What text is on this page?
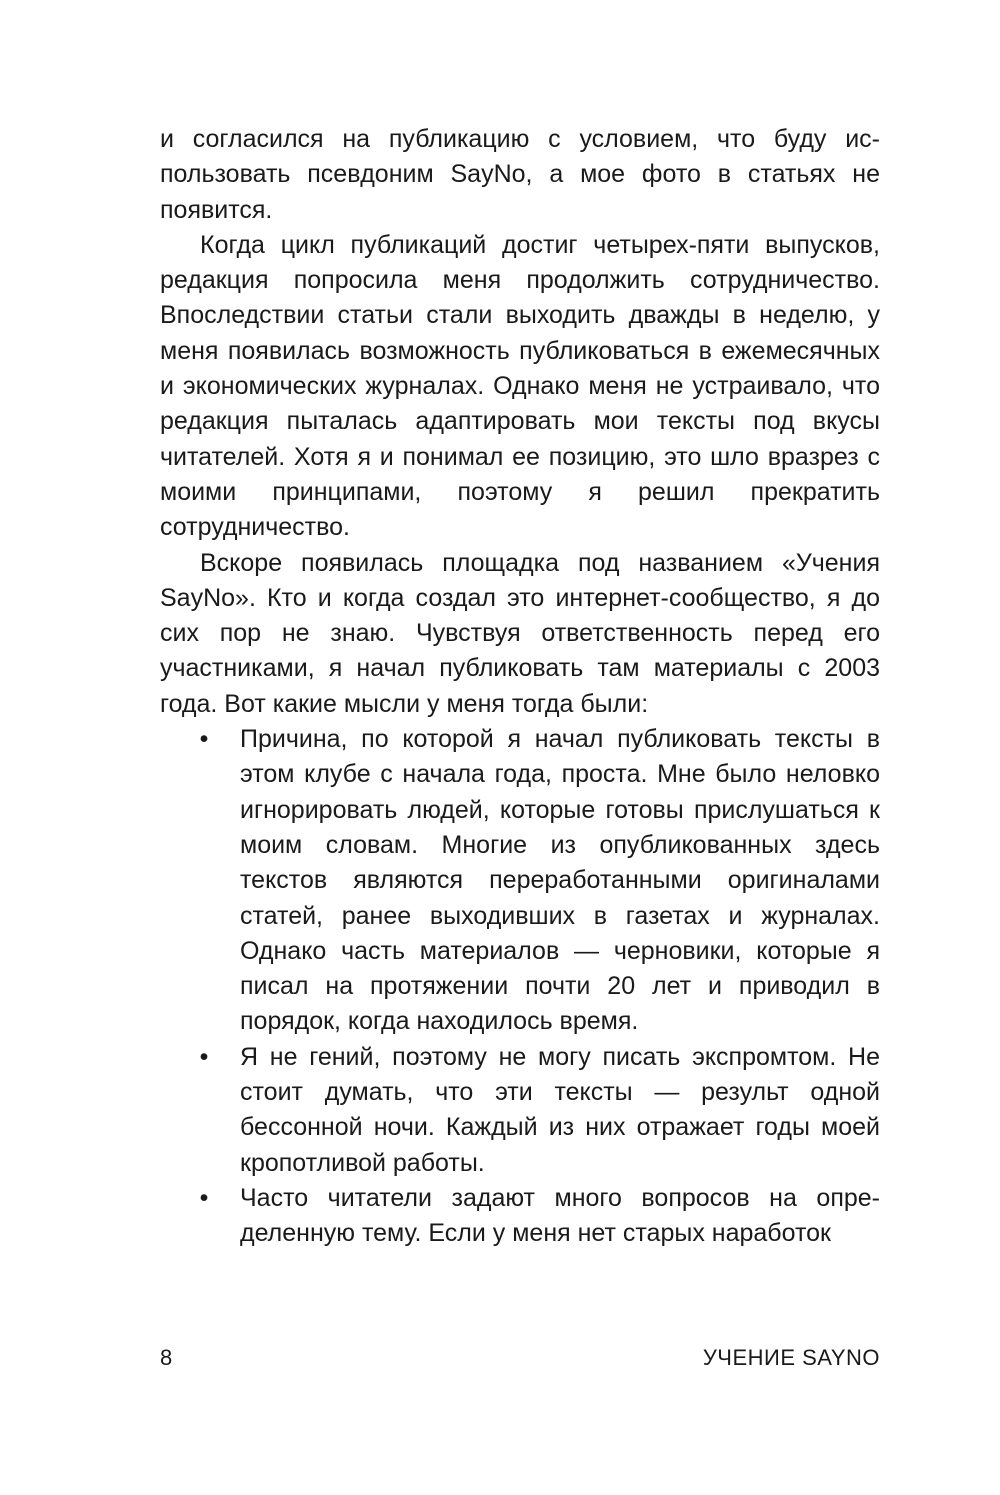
и согласился на публикацию с условием, что буду использовать псевдоним SayNo, а мое фото в статьях не появится.

Когда цикл публикаций достиг четырех-пяти выпусков, редакция попросила меня продолжить сотрудничество. Впоследствии статьи стали выходить дважды в неделю, у меня появилась возможность публиковаться в ежемесячных и экономических журналах. Однако меня не устраивало, что редакция пыталась адаптировать мои тексты под вкусы читателей. Хотя я и понимал ее позицию, это шло вразрез с моими принципами, поэтому я решил прекратить сотрудничество.

Вскоре появилась площадка под названием «Учения SayNo». Кто и когда создал это интернет-сообщество, я до сих пор не знаю. Чувствуя ответственность перед его участниками, я начал публиковать там материалы с 2003 года. Вот какие мысли у меня тогда были:

• Причина, по которой я начал публиковать тексты в этом клубе с начала года, проста. Мне было неловко игнорировать людей, которые готовы прислушаться к моим словам. Многие из опубликованных здесь текстов являются переработанными оригиналами статей, ранее выходивших в газетах и журналах. Однако часть материалов — черновики, которые я писал на протяжении почти 20 лет и приводил в порядок, когда находилось время.
• Я не гений, поэтому не могу писать экспромтом. Не стоит думать, что эти тексты — результ одной бессонной ночи. Каждый из них отражает годы моей кропотливой работы.
• Часто читатели задают много вопросов на определенную тему. Если у меня нет старых наработок
8	УЧЕНИЕ SAYNO
